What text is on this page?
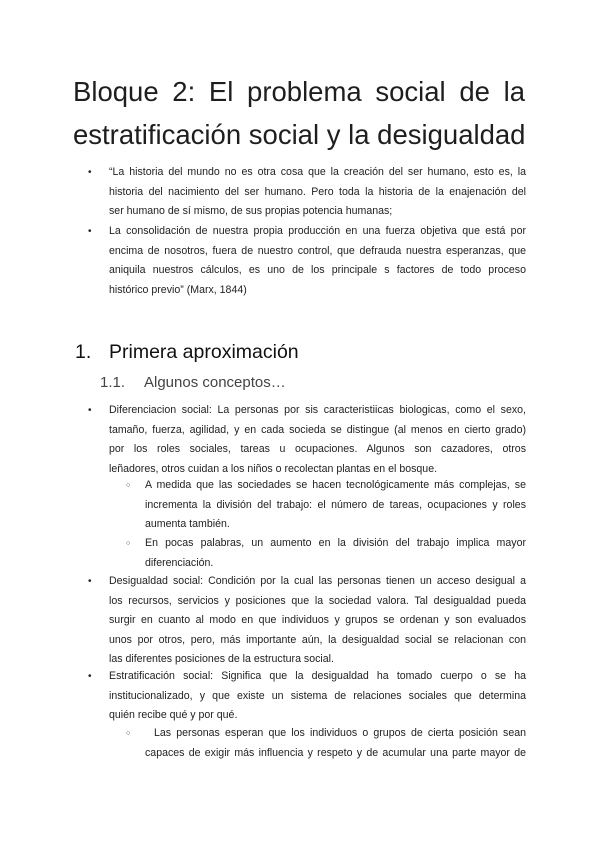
Bloque 2: El problema social de la
estratificación social y la desigualdad
• “La historia del mundo no es otra cosa que la creación del ser humano, esto es, la
historia del nacimiento del ser humano. Pero toda la historia de la enajenación del
ser humano de sí mismo, de sus propias potencia humanas;
• La consolidación de nuestra propia producción en una fuerza objetiva que está por
encima de nosotros, fuera de nuestro control, que defrauda nuestra esperanzas, que
aniquila nuestros cálculos, es uno de los principale s factores de todo proceso
histórico previo” (Marx, 1844)
1. Primera aproximación
1.1. Algunos conceptos…
• Diferenciacion social: La personas por sis caracteristiicas biologicas, como el sexo,
tamaño, fuerza, agilidad, y en cada socieda se distingue (al menos en cierto grado)
por los roles sociales, tareas u ocupaciones. Algunos son cazadores, otros
leñadores, otros cuidan a los niños o recolectan plantas en el bosque.
○ A medida que las sociedades se hacen tecnológicamente más complejas, se
incrementa la división del trabajo: el número de tareas, ocupaciones y roles
aumenta también.
○ En pocas palabras, un aumento en la división del trabajo implica mayor
diferenciación.
• Desigualdad social: Condición por la cual las personas tienen un acceso desigual a
los recursos, servicios y posiciones que la sociedad valora. Tal desigualdad pueda
surgir en cuanto al modo en que individuos y grupos se ordenan y son evaluados
unos por otros, pero, más importante aún, la desigualdad social se relacionan con
las diferentes posiciones de la estructura social.
• Estratificación social: Significa que la desigualdad ha tomado cuerpo o se ha
institucionalizado, y que existe un sistema de relaciones sociales que determina
quién recibe qué y por qué.
○ Las personas esperan que los individuos o grupos de cierta posición sean
capaces de exigir más influencia y respeto y de acumular una parte mayor de
